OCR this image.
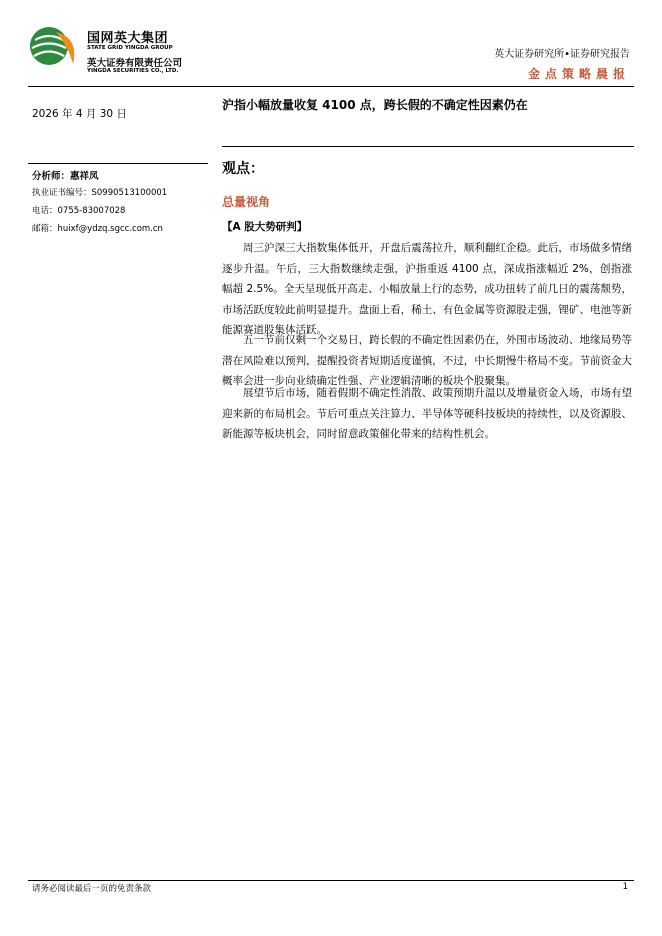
国网英大集团
STATE GRID YINGDA GROUP
英大证券有限责任公司
YINGDA SECURITIES CO., LTD.
英大证券研究所•证券研究报告
金点策略晨报
2026 年 4 月 30 日
沪指小幅放量收复 4100 点，跨长假的不确定性因素仍在
分析师：惠祥凤
执业证书编号：S0990513100001
电话：0755-83007028
邮箱：huixf@ydzq.sgcc.com.cn
观点：
总量视角
【A 股大势研判】

周三沪深三大指数集体低开，开盘后震荡拉升，顺利翻红企稳。此后，市场做多情绪逐步升温。午后，三大指数继续走强，沪指重返 4100 点，深成指涨幅近 2%，创指涨幅超 2.5%。全天呈现低开高走、小幅放量上行的态势，成功扭转了前几日的震荡颓势，市场活跃度较此前明显提升。盘面上看，稀土、有色金属等资源股走强，锂矿、电池等新能源赛道股集体活跃。

五一节前仅剩一个交易日，跨长假的不确定性因素仍在，外围市场波动、地缘局势等潜在风险难以预判，提醒投资者短期适度谨慎，不过，中长期慢牛格局不变。节前资金大概率会进一步向业绩确定性强、产业逻辑清晰的板块个股聚集。

展望节后市场，随着假期不确定性消散、政策预期升温以及增量资金入场，市场有望迎来新的布局机会。节后可重点关注算力、半导体等硬科技板块的持续性，以及资源股、新能源等板块机会，同时留意政策催化带来的结构性机会。

请务必阅读最后一页的免责条款	1
